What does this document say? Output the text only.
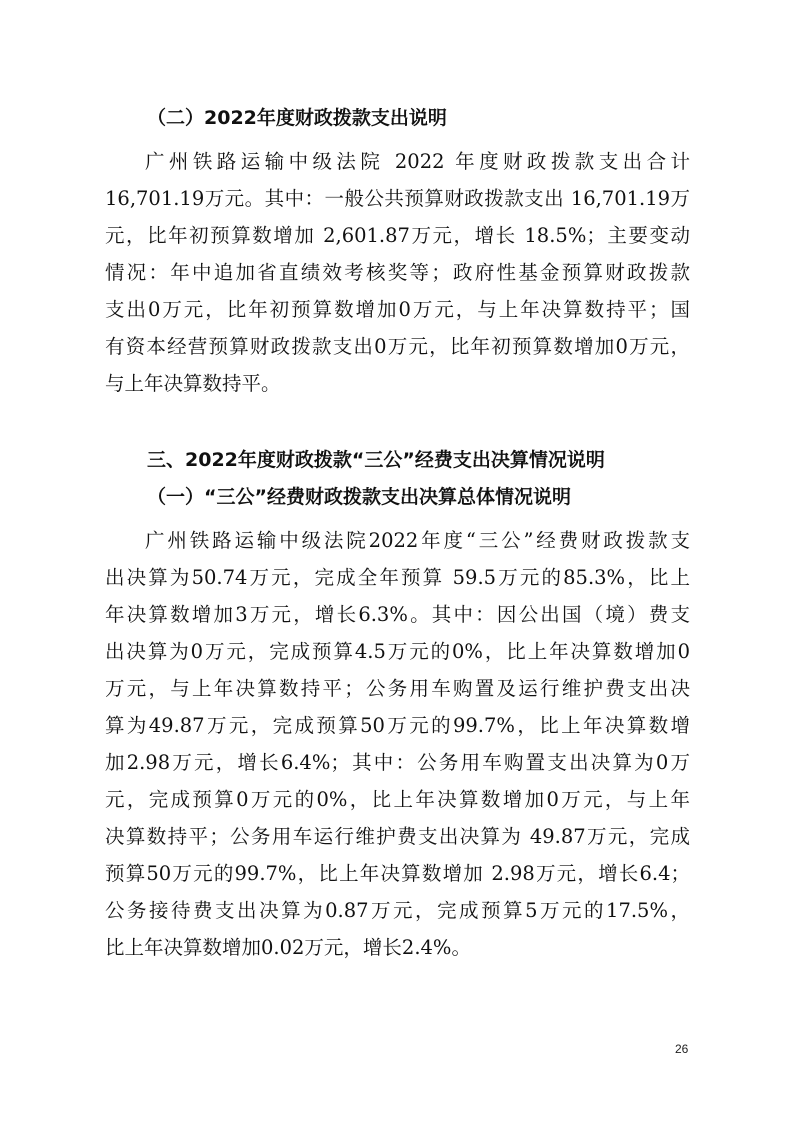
（二）2022年度财政拨款支出说明
广州铁路运输中级法院 2022 年度财政拨款支出合计
16,701.19万元。其中：一般公共预算财政拨款支出 16,701.19万
元，比年初预算数增加 2,601.87万元，增长 18.5%；主要变动
情况：年中追加省直绩效考核奖等；政府性基金预算财政拨款
支出0万元，比年初预算数增加0万元，与上年决算数持平；国
有资本经营预算财政拨款支出0万元，比年初预算数增加0万元，
与上年决算数持平。
三、2022年度财政拨款“三公”经费支出决算情况说明
（一）“三公”经费财政拨款支出决算总体情况说明
广州铁路运输中级法院2022年度“三公”经费财政拨款支
出决算为50.74万元，完成全年预算 59.5万元的85.3%，比上
年决算数增加3万元，增长6.3%。其中：因公出国（境）费支
出决算为0万元，完成预算4.5万元的0%，比上年决算数增加0
万元，与上年决算数持平；公务用车购置及运行维护费支出决
算为49.87万元，完成预算50万元的99.7%，比上年决算数增
加2.98万元，增长6.4%；其中：公务用车购置支出决算为0万
元，完成预算0万元的0%，比上年决算数增加0万元，与上年
决算数持平；公务用车运行维护费支出决算为 49.87万元，完成
预算50万元的99.7%，比上年决算数增加 2.98万元，增长6.4；
公务接待费支出决算为0.87万元，完成预算5万元的17.5%，
比上年决算数增加0.02万元，增长2.4%。
26
